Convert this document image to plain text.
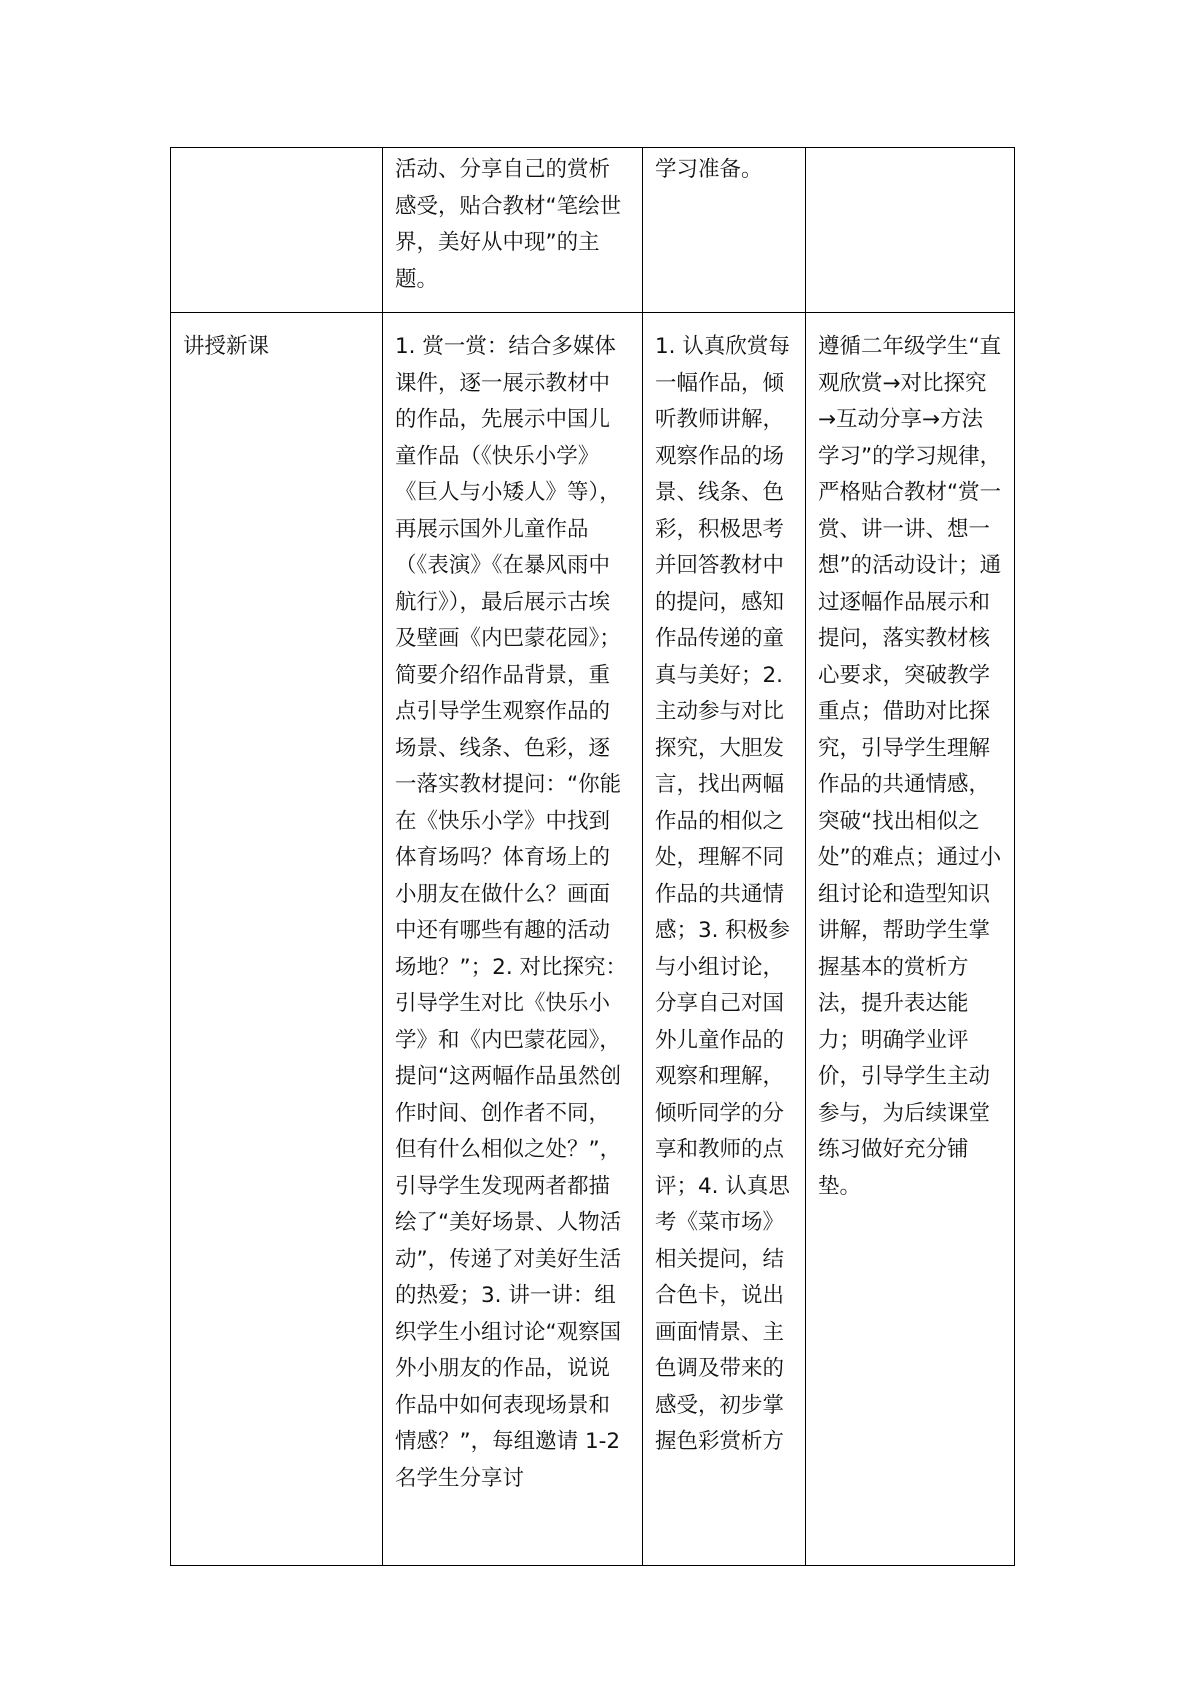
	活动、分享自己的赏析感受，贴合教材“笔绘世界，美好从中现”的主题。	学习准备。	
讲授新课	1. 赏一赏：结合多媒体课件，逐一展示教材中的作品，先展示中国儿童作品（《快乐小学》《巨人与小矮人》等），再展示国外儿童作品（《表演》《在暴风雨中航行》），最后展示古埃及壁画《内巴蒙花园》；简要介绍作品背景，重点引导学生观察作品的场景、线条、色彩，逐一落实教材提问：“你能在《快乐小学》中找到体育场吗？体育场上的小朋友在做什么？画面中还有哪些有趣的活动场地？”；2. 对比探究：引导学生对比《快乐小学》和《内巴蒙花园》，提问“这两幅作品虽然创作时间、创作者不同，但有什么相似之处？”，引导学生发现两者都描绘了“美好场景、人物活动”，传递了对美好生活的热爱；3. 讲一讲：组织学生小组讨论“观察国外小朋友的作品，说说作品中如何表现场景和情感？”，每组邀请 1-2 名学生分享讨	1. 认真欣赏每一幅作品，倾听教师讲解，观察作品的场景、线条、色彩，积极思考并回答教材中的提问，感知作品传递的童真与美好；2. 主动参与对比探究，大胆发言，找出两幅作品的相似之处，理解不同作品的共通情感；3. 积极参与小组讨论，分享自己对国外儿童作品的观察和理解，倾听同学的分享和教师的点评；4. 认真思考《菜市场》相关提问，结合色卡，说出画面情景、主色调及带来的感受，初步掌握色彩赏析方	遵循二年级学生“直观欣赏→对比探究→互动分享→方法学习”的学习规律，严格贴合教材“赏一赏、讲一讲、想一想”的活动设计；通过逐幅作品展示和提问，落实教材核心要求，突破教学重点；借助对比探究，引导学生理解作品的共通情感，突破“找出相似之处”的难点；通过小组讨论和造型知识讲解，帮助学生掌握基本的赏析方法，提升表达能力；明确学业评价，引导学生主动参与，为后续课堂练习做好充分铺垫。
